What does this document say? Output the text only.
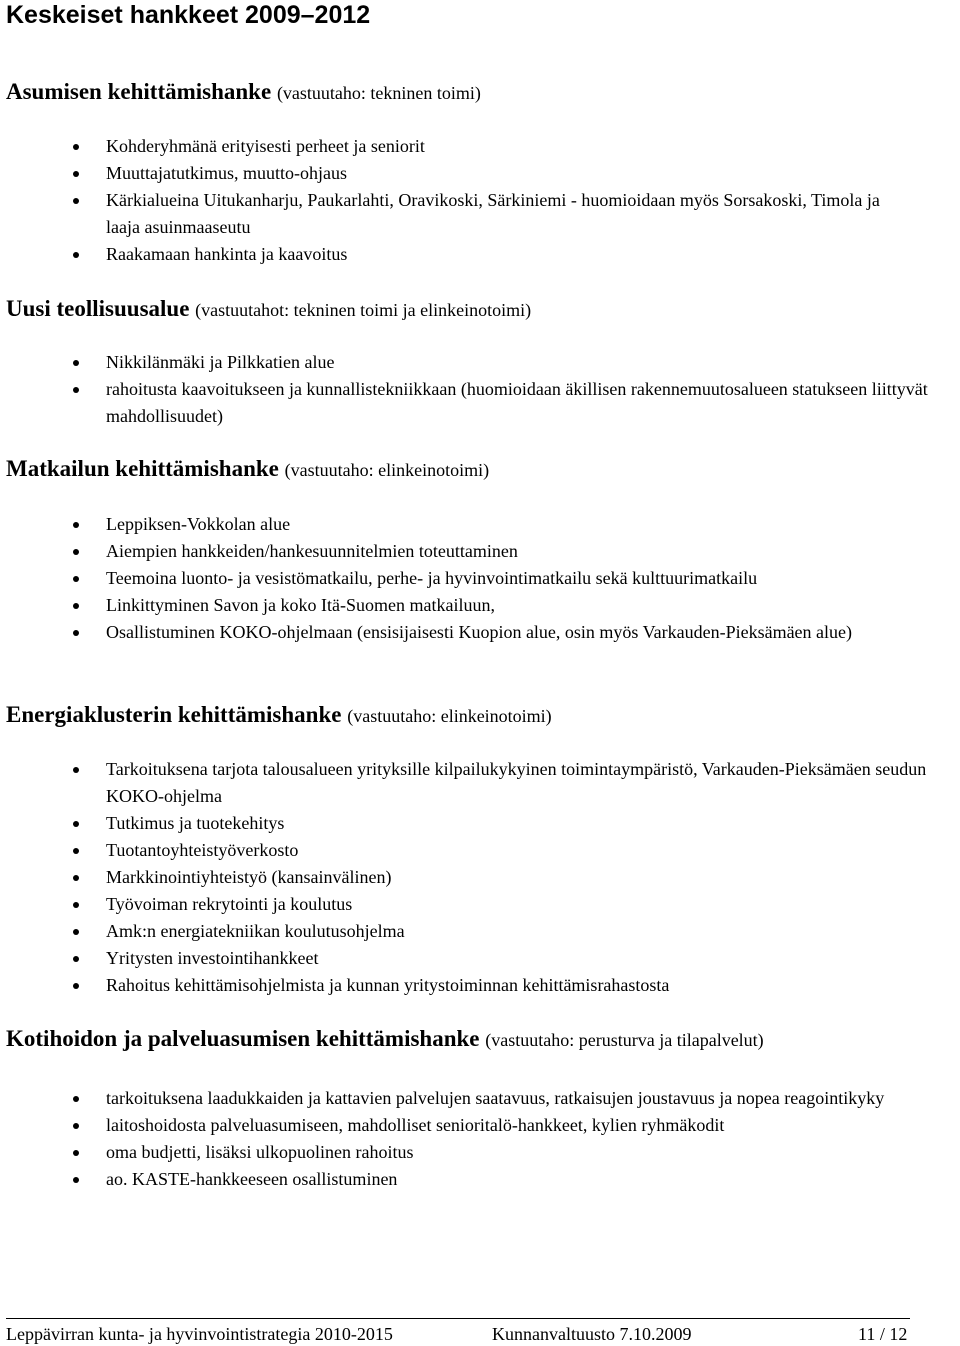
Keskeiset hankkeet 2009–2012
Asumisen kehittämishanke (vastuutaho: tekninen toimi)
Kohderyhmänä erityisesti perheet ja seniorit
Muuttajatutkimus, muutto-ohjaus
Kärkialueina Uitukanharju, Paukarlahti, Oravikoski, Särkiniemi - huomioidaan myös Sorsakoski, Timola ja laaja asuinmaaseutu
Raakamaan hankinta ja kaavoitus
Uusi teollisuusalue (vastuutahot: tekninen toimi ja elinkeinotoimi)
Nikkilänmäki ja Pilkkatien alue
rahoitusta kaavoitukseen ja kunnallistekniikkaan (huomioidaan äkillisen rakennemuutosalueen statukseen liittyvät mahdollisuudet)
Matkailun kehittämishanke (vastuutaho: elinkeinotoimi)
Leppiksen-Vokkolan alue
Aiempien hankkeiden/hankesuunnitelmien toteuttaminen
Teemoina luonto- ja vesistömatkailu, perhe- ja hyvinvointimatkailu sekä kulttuurimatkailu
Linkittyminen Savon ja koko Itä-Suomen matkailuun,
Osallistuminen KOKO-ohjelmaan (ensisijaisesti Kuopion alue, osin myös Varkauden-Pieksämäen alue)
Energiaklusterin kehittämishanke (vastuutaho: elinkeinotoimi)
Tarkoituksena tarjota talousalueen yrityksille kilpailukykyinen toimintaympäristö, Varkauden-Pieksämäen seudun KOKO-ohjelma
Tutkimus ja tuotekehitys
Tuotantoyhteistyöverkosto
Markkinointiyhteistyö (kansainvälinen)
Työvoiman rekrytointi ja koulutus
Amk:n energiatekniikan koulutusohjelma
Yritysten investointihankkeet
Rahoitus kehittämisohjelmista ja kunnan yritystoiminnan kehittämisrahastosta
Kotihoidon ja palveluasumisen kehittämishanke (vastuutaho: perusturva ja tilapalvelut)
tarkoituksena laadukkaiden ja kattavien palvelujen saatavuus, ratkaisujen joustavuus ja nopea reagointikyky
laitoshoidosta palveluasumiseen, mahdolliset senioritalö-hankkeet, kylien ryhmäkodit
oma budjetti, lisäksi ulkopuolinen rahoitus
ao. KASTE-hankkeeseen osallistuminen
Leppävirran kunta- ja hyvinvointistrategia 2010-2015	Kunnanvaltuusto 7.10.2009	11 / 12
